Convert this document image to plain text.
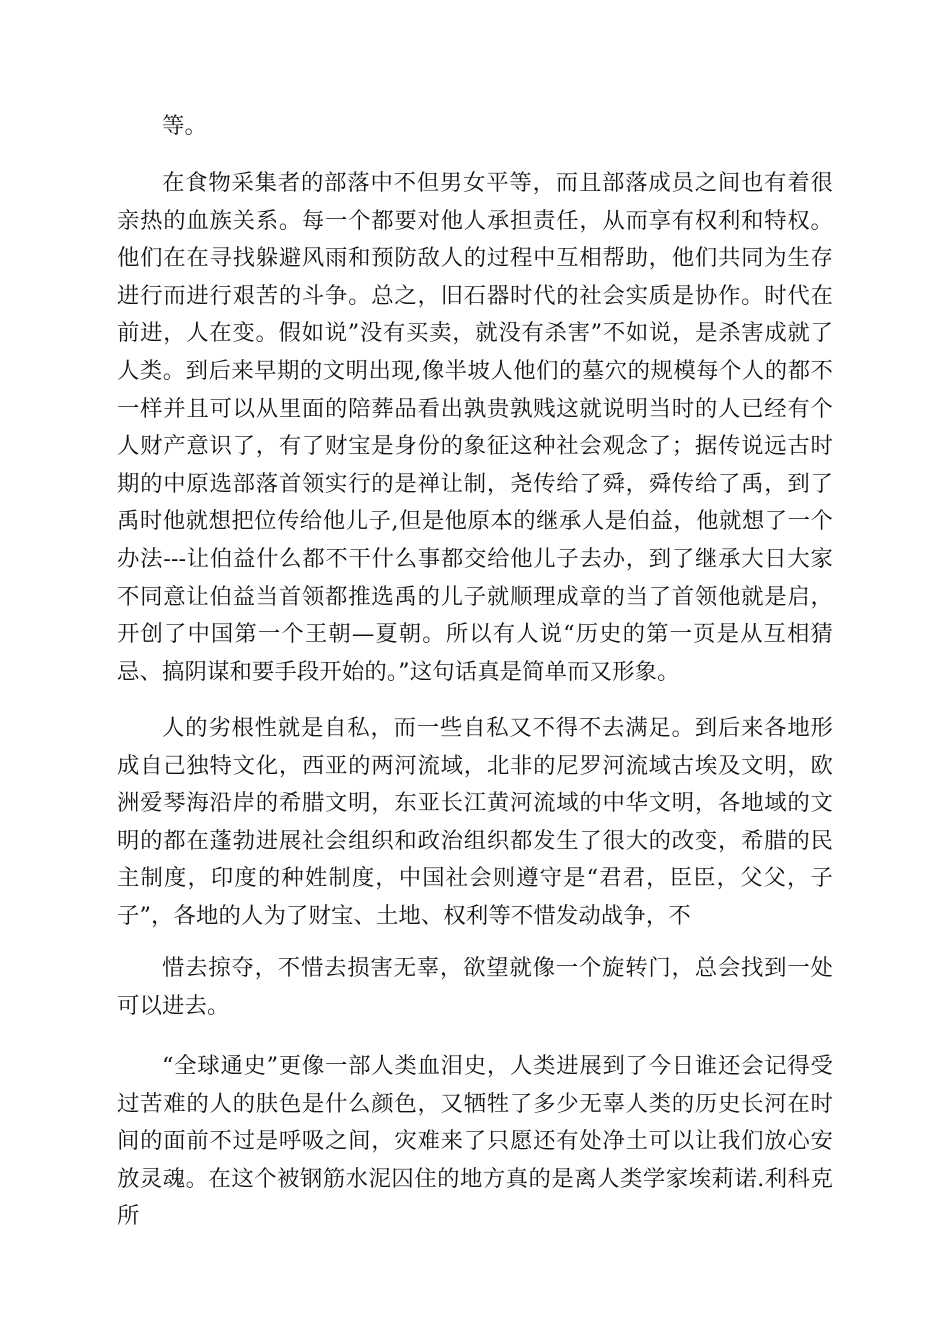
等。

在食物采集者的部落中不但男女平等，而且部落成员之间也有着很亲热的血族关系。每一个都要对他人承担责任，从而享有权利和特权。他们在在寻找躲避风雨和预防敌人的过程中互相帮助，他们共同为生存进行而进行艰苦的斗争。总之，旧石器时代的社会实质是协作。时代在前进，人在变。假如说”没有买卖，就没有杀害”不如说，是杀害成就了人类。到后来早期的文明出现,像半坡人他们的墓穴的规模每个人的都不一样并且可以从里面的陪葬品看出孰贵孰贱这就说明当时的人已经有个人财产意识了，有了财宝是身份的象征这种社会观念了；据传说远古时期的中原选部落首领实行的是禅让制，尧传给了舜，舜传给了禹，到了禹时他就想把位传给他儿子,但是他原本的继承人是伯益，他就想了一个办法---让伯益什么都不干什么事都交给他儿子去办，到了继承大日大家不同意让伯益当首领都推选禹的儿子就顺理成章的当了首领他就是启，开创了中国第一个王朝—夏朝。所以有人说“历史的第一页是从互相猜忌、搞阴谋和要手段开始的。”这句话真是简单而又形象。

人的劣根性就是自私，而一些自私又不得不去满足。到后来各地形成自己独特文化，西亚的两河流域，北非的尼罗河流域古埃及文明，欧洲爱琴海沿岸的希腊文明，东亚长江黄河流域的中华文明，各地域的文明的都在蓬勃进展社会组织和政治组织都发生了很大的改变，希腊的民主制度，印度的种姓制度，中国社会则遵守是“君君，臣臣，父父，子子”，各地的人为了财宝、土地、权利等不惜发动战争，不

惜去掠夺，不惜去损害无辜，欲望就像一个旋转门，总会找到一处可以进去。

“全球通史”更像一部人类血泪史，人类进展到了今日谁还会记得受过苦难的人的肤色是什么颜色，又牺牲了多少无辜人类的历史长河在时间的面前不过是呼吸之间，灾难来了只愿还有处净土可以让我们放心安放灵魂。在这个被钢筋水泥囚住的地方真的是离人类学家埃莉诺.利科克所
